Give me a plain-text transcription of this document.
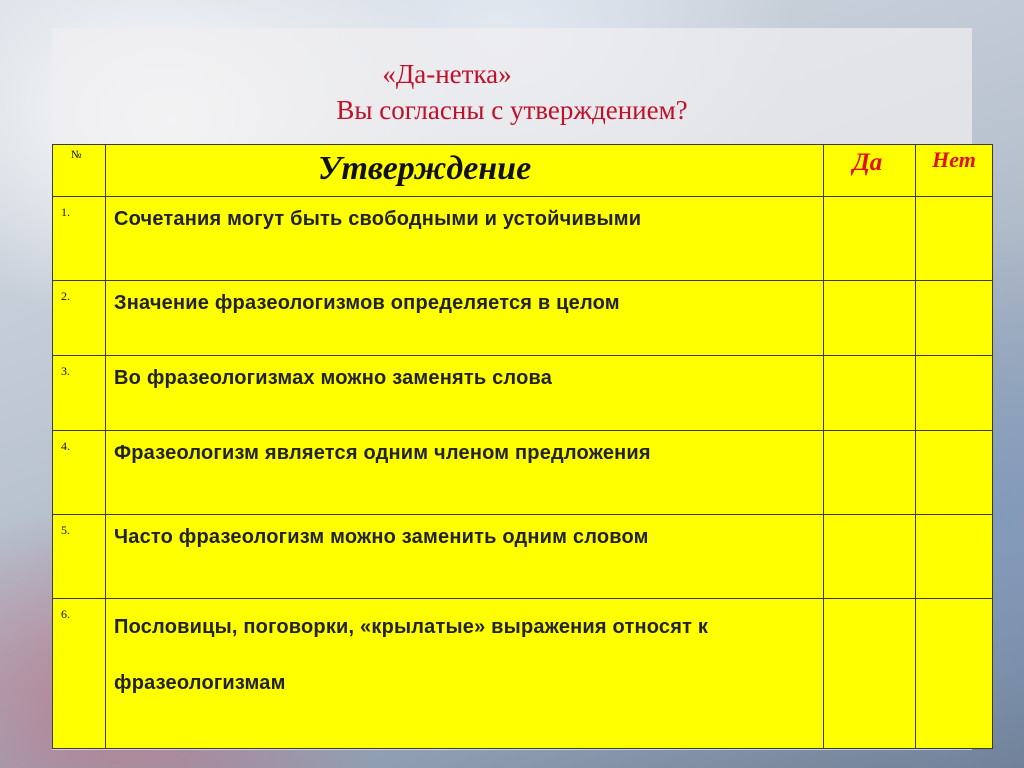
«Да-нетка»
Вы согласны с утверждением?
№	Утверждение	Да	Нет
1.	Сочетания могут быть свободными и устойчивыми		
2.	Значение фразеологизмов определяется в целом		
3.	Во фразеологизмах можно заменять слова		
4.	Фразеологизм является одним членом предложения		
5.	Часто фразеологизм можно заменить одним словом		
6.	Пословицы, поговорки, «крылатые» выражения относят к фразеологизмам		
